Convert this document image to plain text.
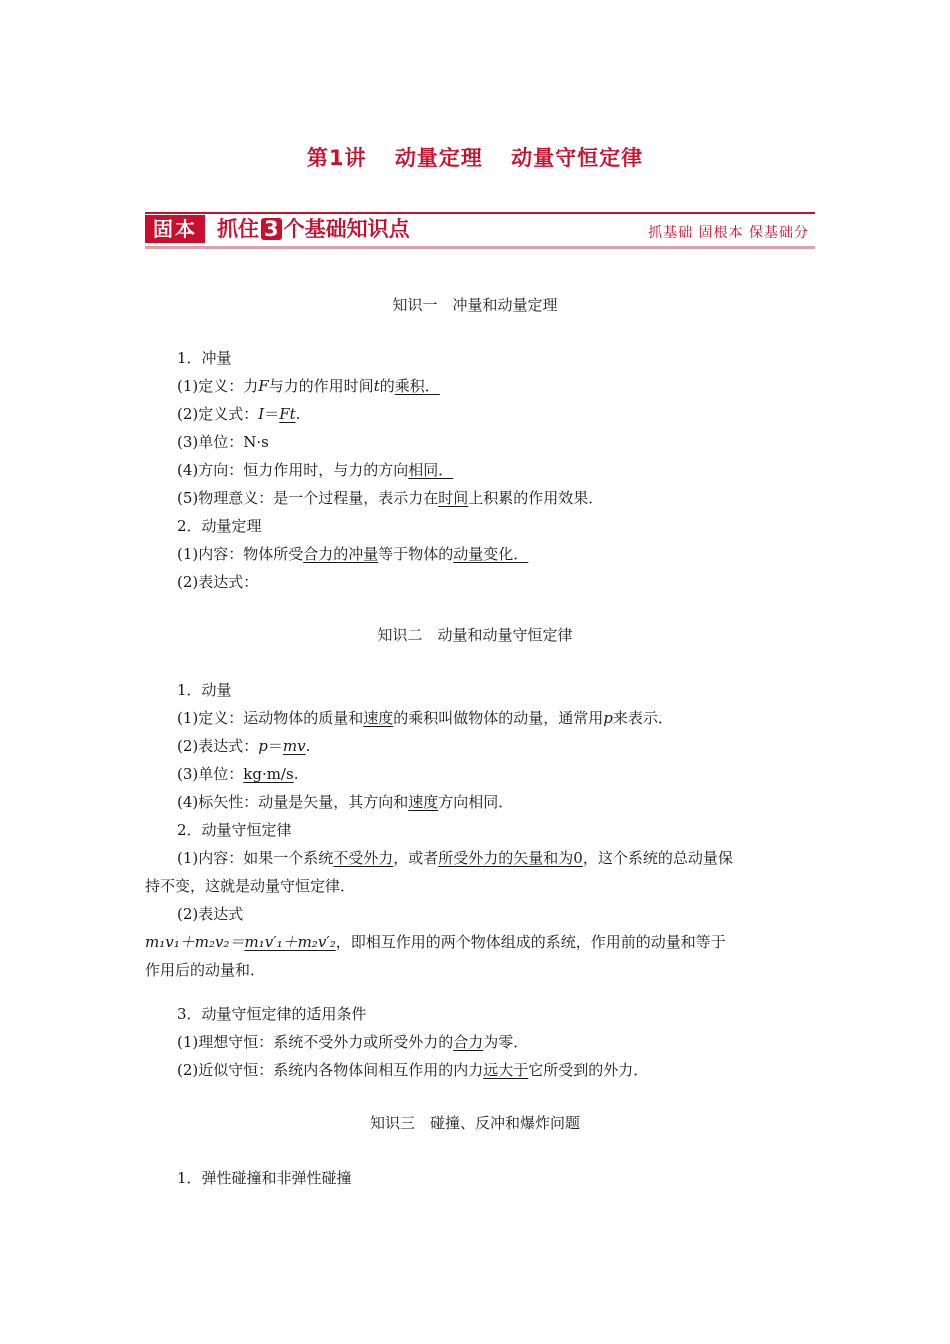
第1讲 动量定理 动量守恒定律
固本 抓住 3 个基础知识点	抓基础 固根本 保基础分
知识一　冲量和动量定理
1．冲量
(1)定义：力F与力的作用时间t的乘积．
(2)定义式：I＝Ft.
(3)单位：N·s
(4)方向：恒力作用时，与力的方向相同．
(5)物理意义：是一个过程量，表示力在时间上积累的作用效果．
2．动量定理
(1)内容：物体所受合力的冲量等于物体的动量变化．
(2)表达式：
知识二　动量和动量守恒定律
1．动量
(1)定义：运动物体的质量和速度的乘积叫做物体的动量，通常用p来表示．
(2)表达式：p＝mv.
(3)单位：kg·m/s.
(4)标矢性：动量是矢量，其方向和速度方向相同．
2．动量守恒定律
(1)内容：如果一个系统不受外力，或者所受外力的矢量和为0，这个系统的总动量保
持不变，这就是动量守恒定律．
(2)表达式
m₁v₁＋m₂v₂＝m₁v′₁＋m₂v′₂，即相互作用的两个物体组成的系统，作用前的动量和等于
作用后的动量和．
3．动量守恒定律的适用条件
(1)理想守恒：系统不受外力或所受外力的合力为零．
(2)近似守恒：系统内各物体间相互作用的内力远大于它所受到的外力．
知识三　碰撞、反冲和爆炸问题
1．弹性碰撞和非弹性碰撞
